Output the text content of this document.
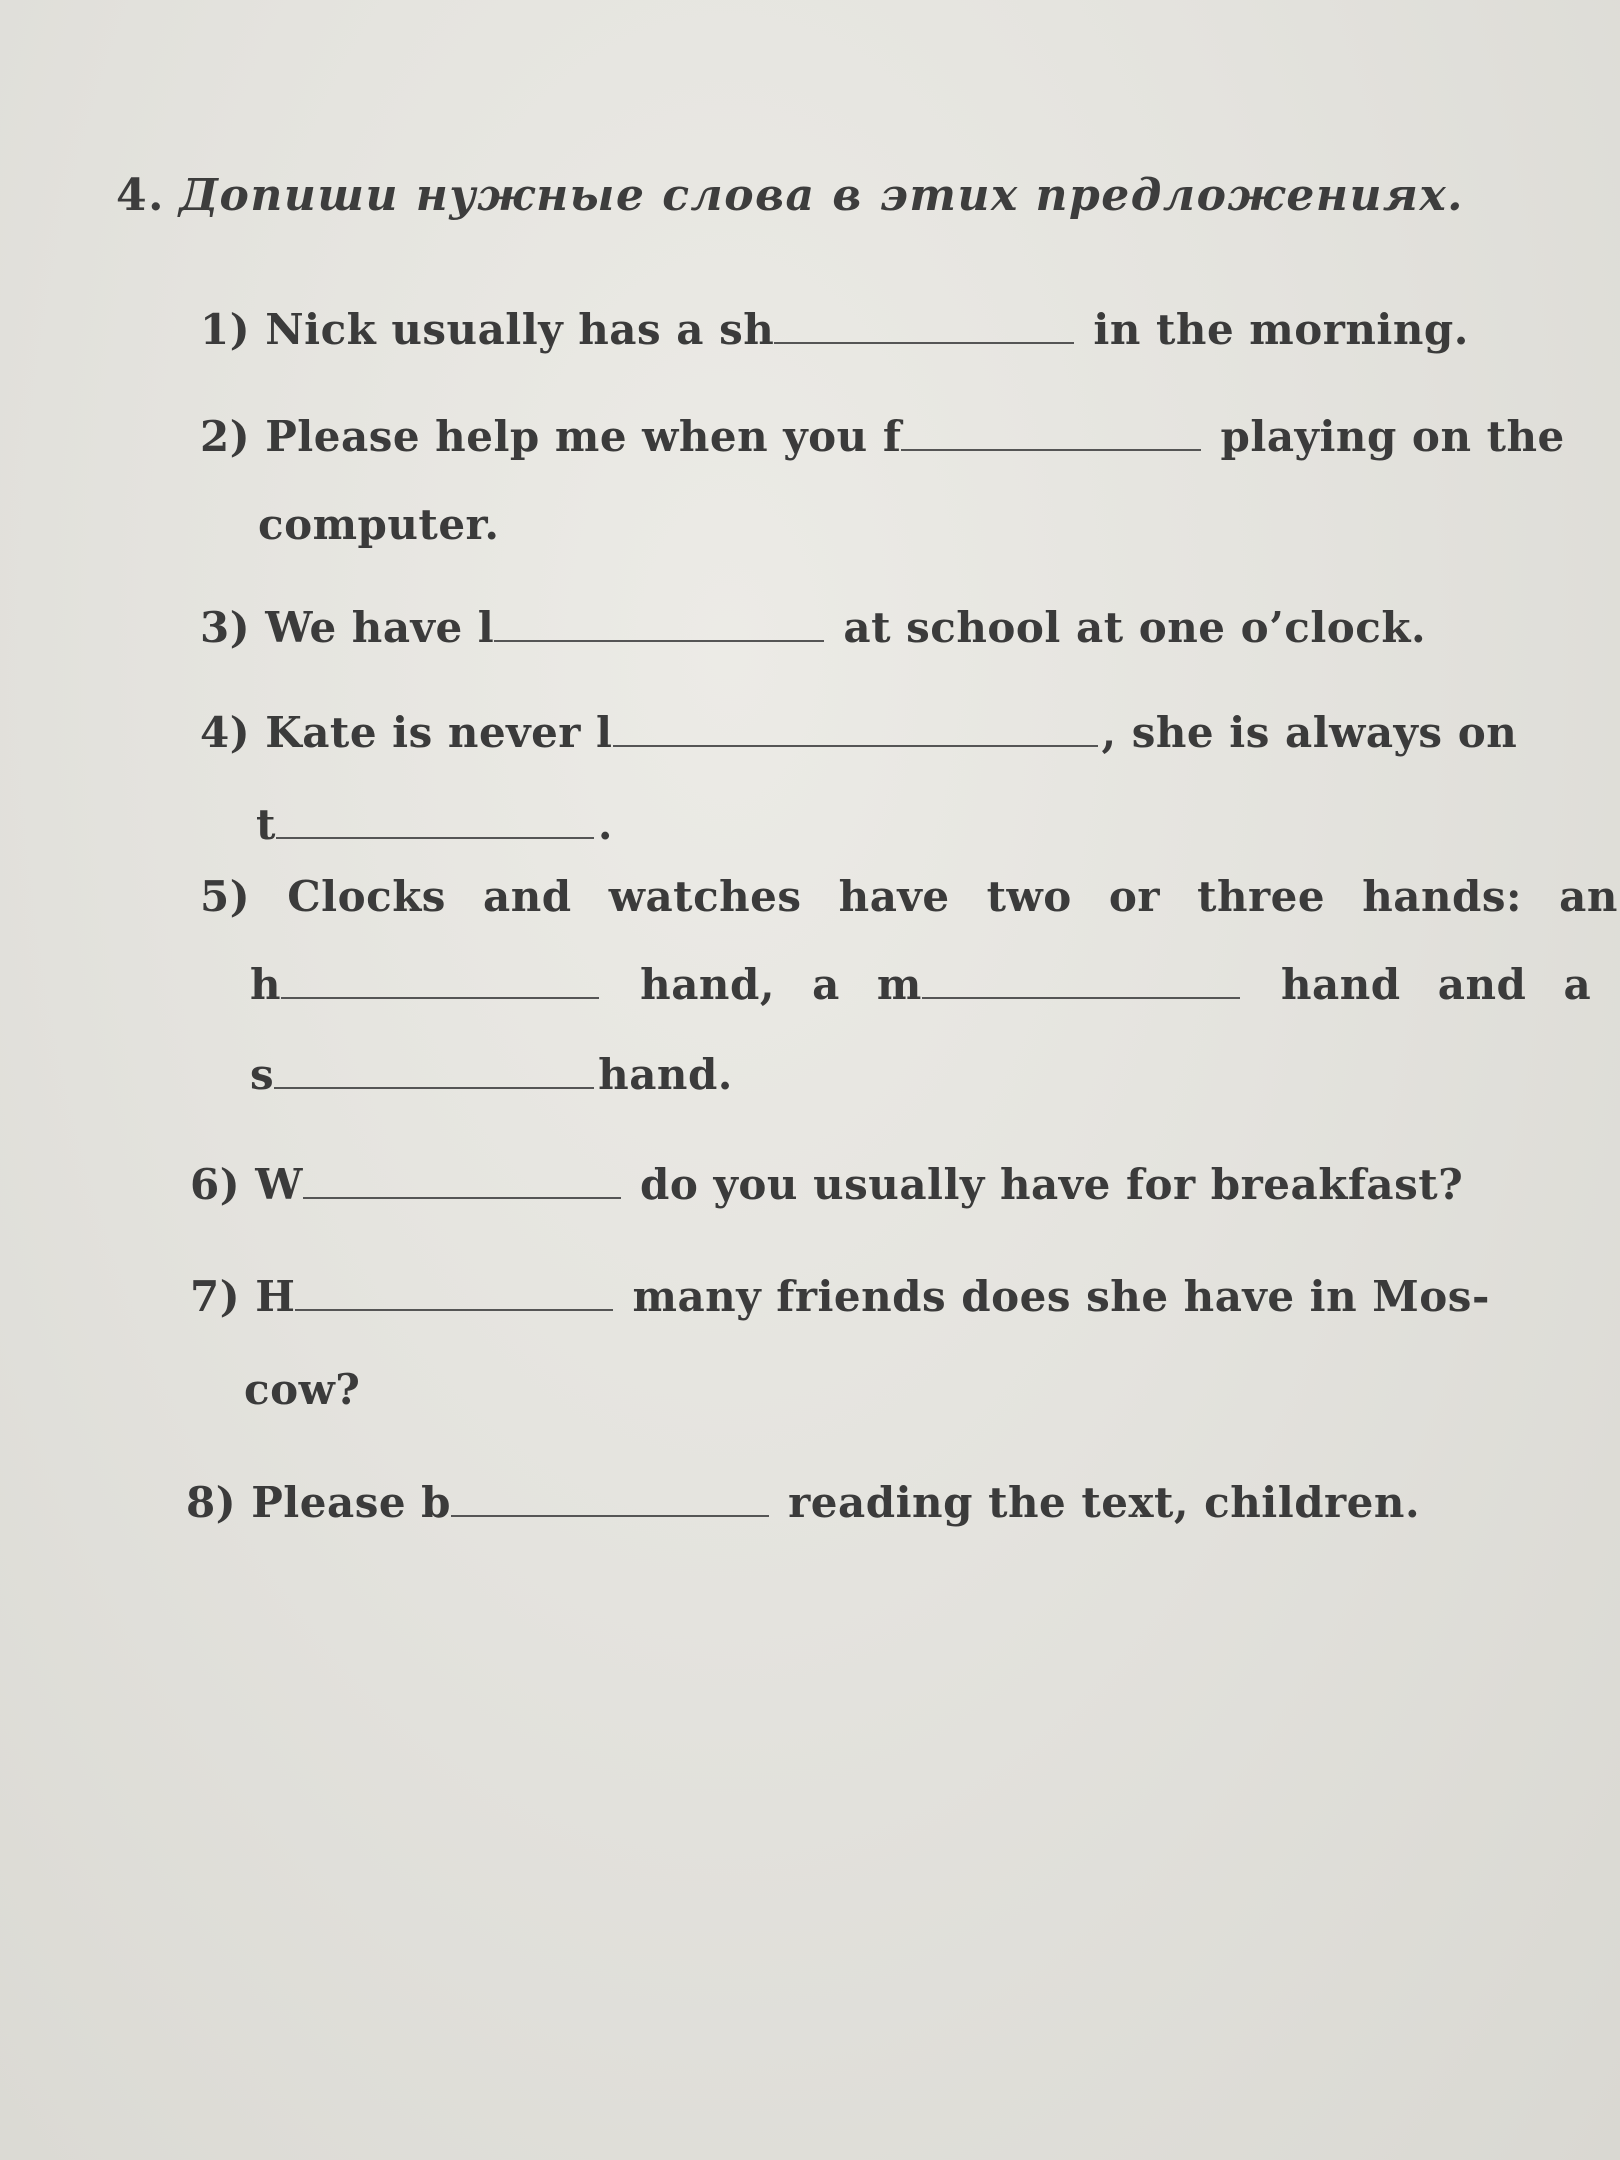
4. Допиши нужные слова в этих предложениях.
1) Nick usually has a sh	in the morning.
2) Please help me when you f	playing on the
computer.
3) We have l	at school at one o’clock.
4) Kate is never l	, she is always on
t	.
5) Clocks and watches have two or three hands: an
h	hand, a m	hand and a
s	hand.
6) W	do you usually have for breakfast?
7) H	many friends does she have in Mos-
cow?
8) Please b	reading the text, children.
